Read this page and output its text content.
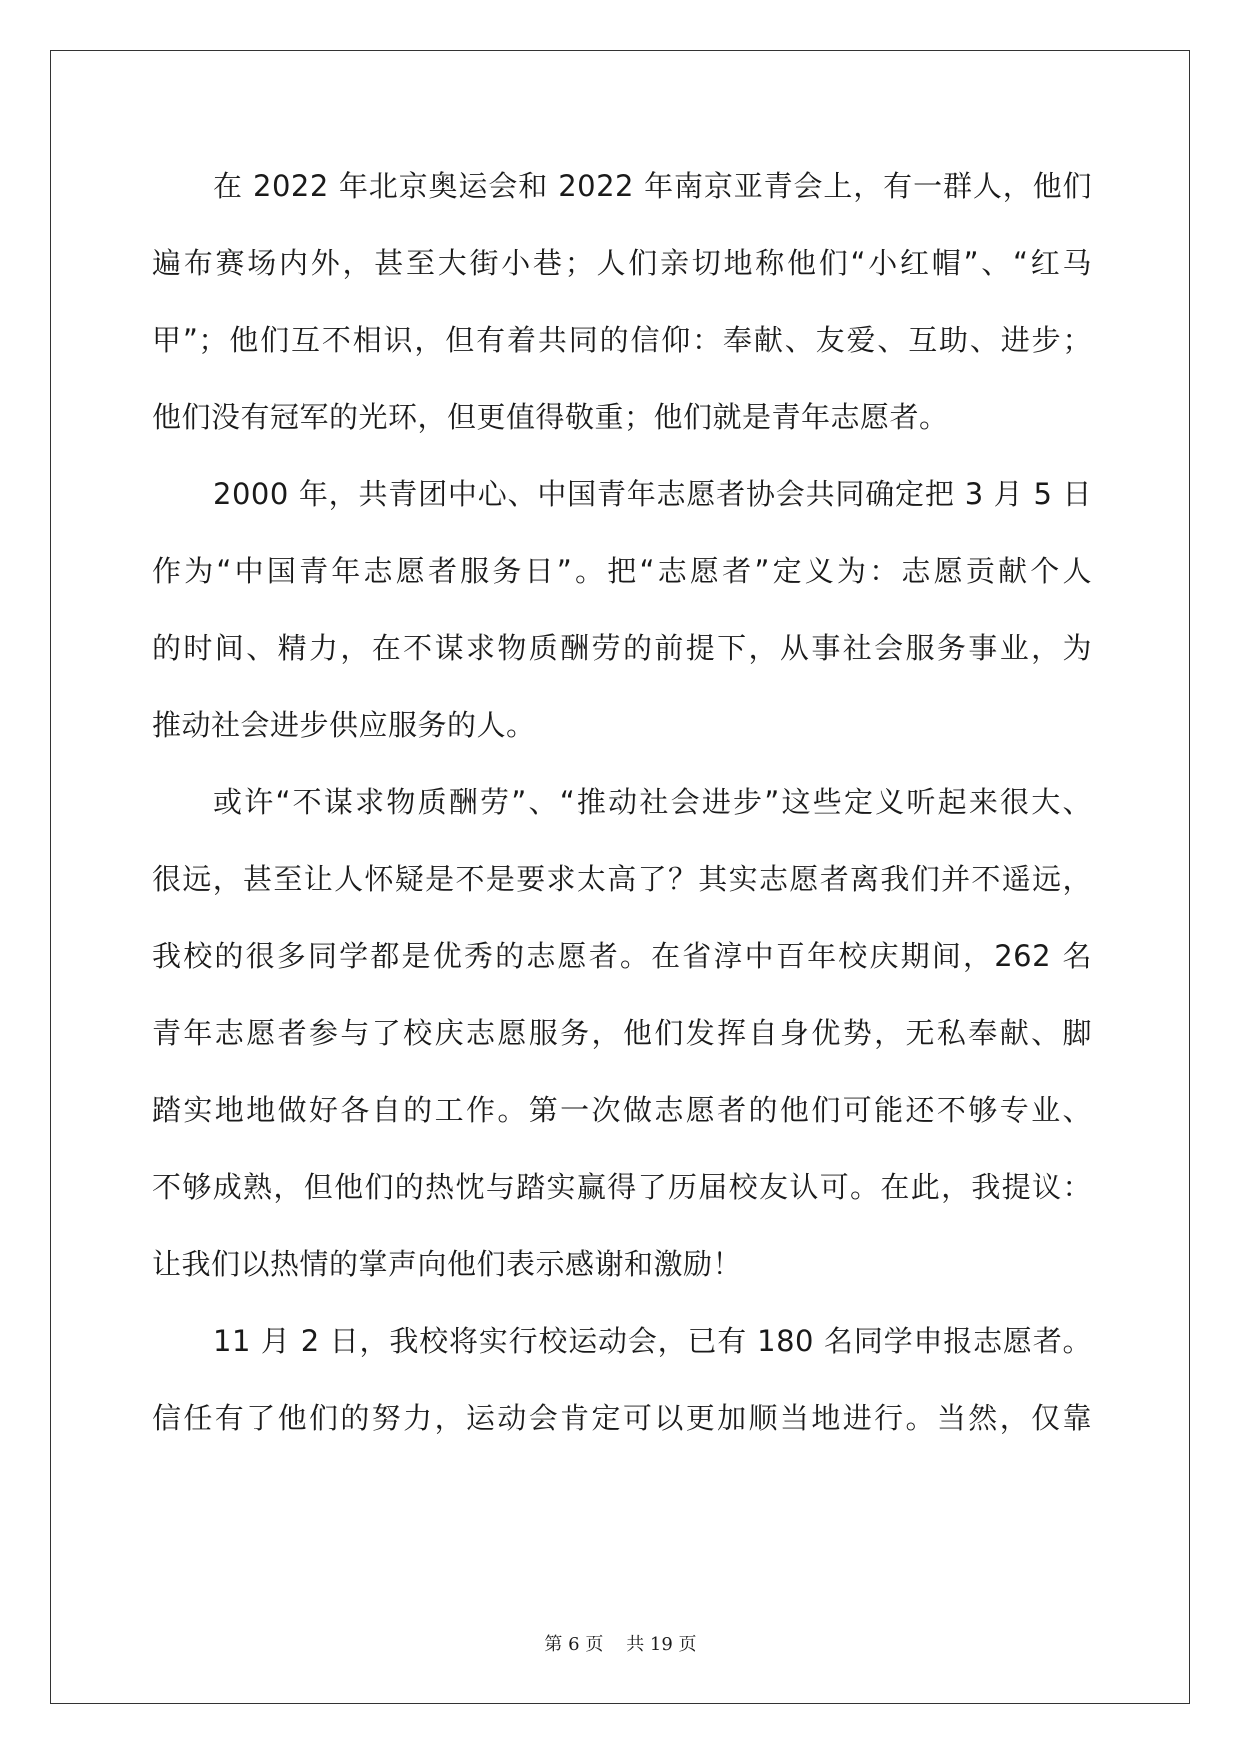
在 2022 年北京奥运会和 2022 年南京亚青会上，有一群人，他们
遍布赛场内外，甚至大街小巷；人们亲切地称他们“小红帽”、“红马
甲”；他们互不相识，但有着共同的信仰：奉献、友爱、互助、进步；
他们没有冠军的光环，但更值得敬重；他们就是青年志愿者。
2000 年，共青团中心、中国青年志愿者协会共同确定把 3 月 5 日
作为“中国青年志愿者服务日”。把“志愿者”定义为：志愿贡献个人
的时间、精力，在不谋求物质酬劳的前提下，从事社会服务事业，为
推动社会进步供应服务的人。
或许“不谋求物质酬劳”、“推动社会进步”这些定义听起来很大、
很远，甚至让人怀疑是不是要求太高了？其实志愿者离我们并不遥远，
我校的很多同学都是优秀的志愿者。在省淳中百年校庆期间，262 名
青年志愿者参与了校庆志愿服务，他们发挥自身优势，无私奉献、脚
踏实地地做好各自的工作。第一次做志愿者的他们可能还不够专业、
不够成熟，但他们的热忱与踏实赢得了历届校友认可。在此，我提议：
让我们以热情的掌声向他们表示感谢和激励！
11 月 2 日，我校将实行校运动会，已有 180 名同学申报志愿者。
信任有了他们的努力，运动会肯定可以更加顺当地进行。当然，仅靠
第 6 页    共 19 页
